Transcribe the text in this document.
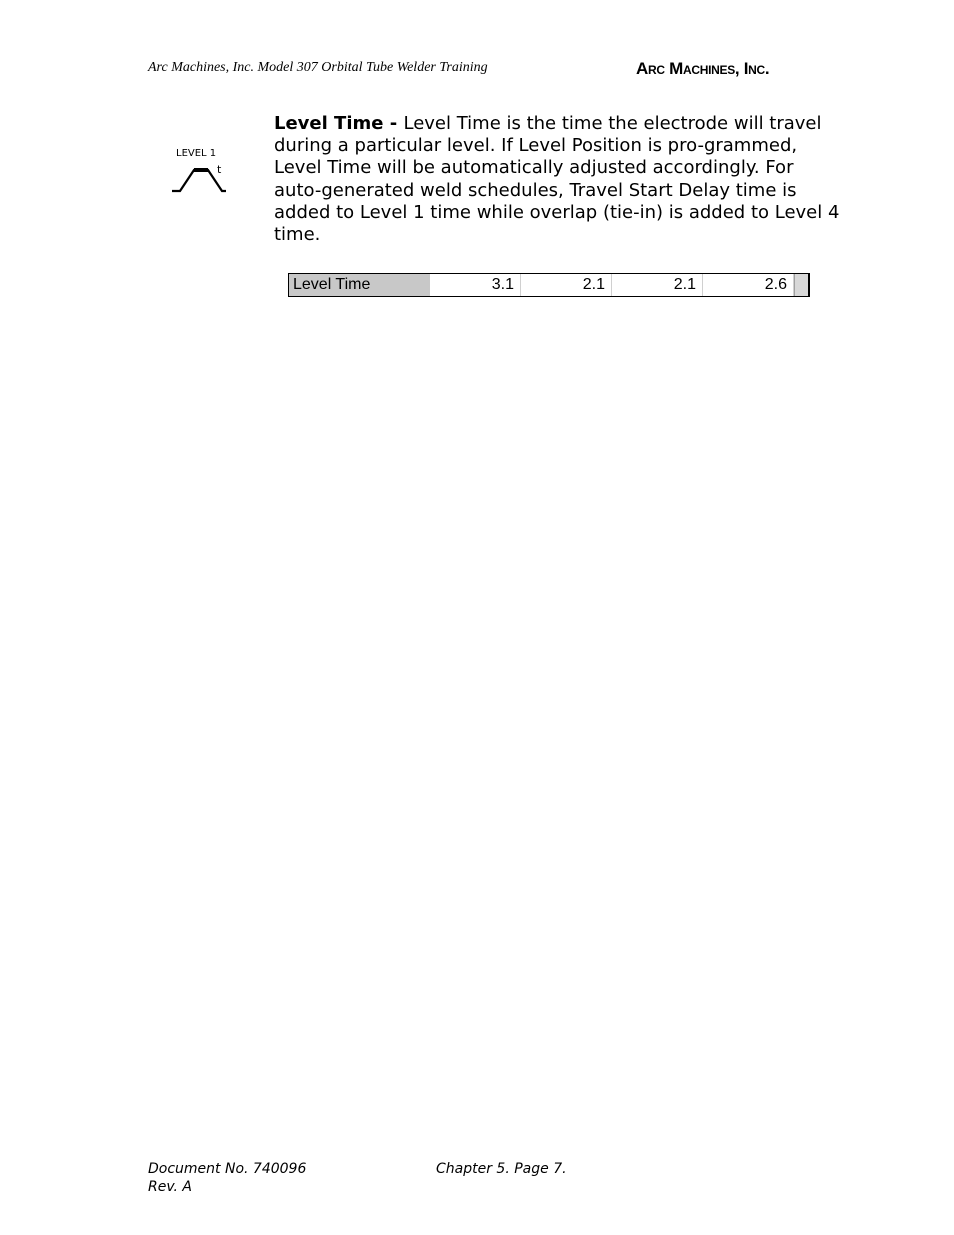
Arc Machines, Inc. Model 307 Orbital Tube Welder Training	Arc Machines, Inc.
LEVEL 1
t
Level Time - Level Time is the time the electrode will travel during a particular level. If Level Position is pro-grammed, Level Time will be automatically adjusted accordingly. For auto-generated weld schedules, Travel Start Delay time is added to Level 1 time while overlap (tie-in) is added to Level 4 time.
Level Time	3.1	2.1	2.1	2.6
Document No. 740096
Rev. A
Chapter 5. Page 7.
